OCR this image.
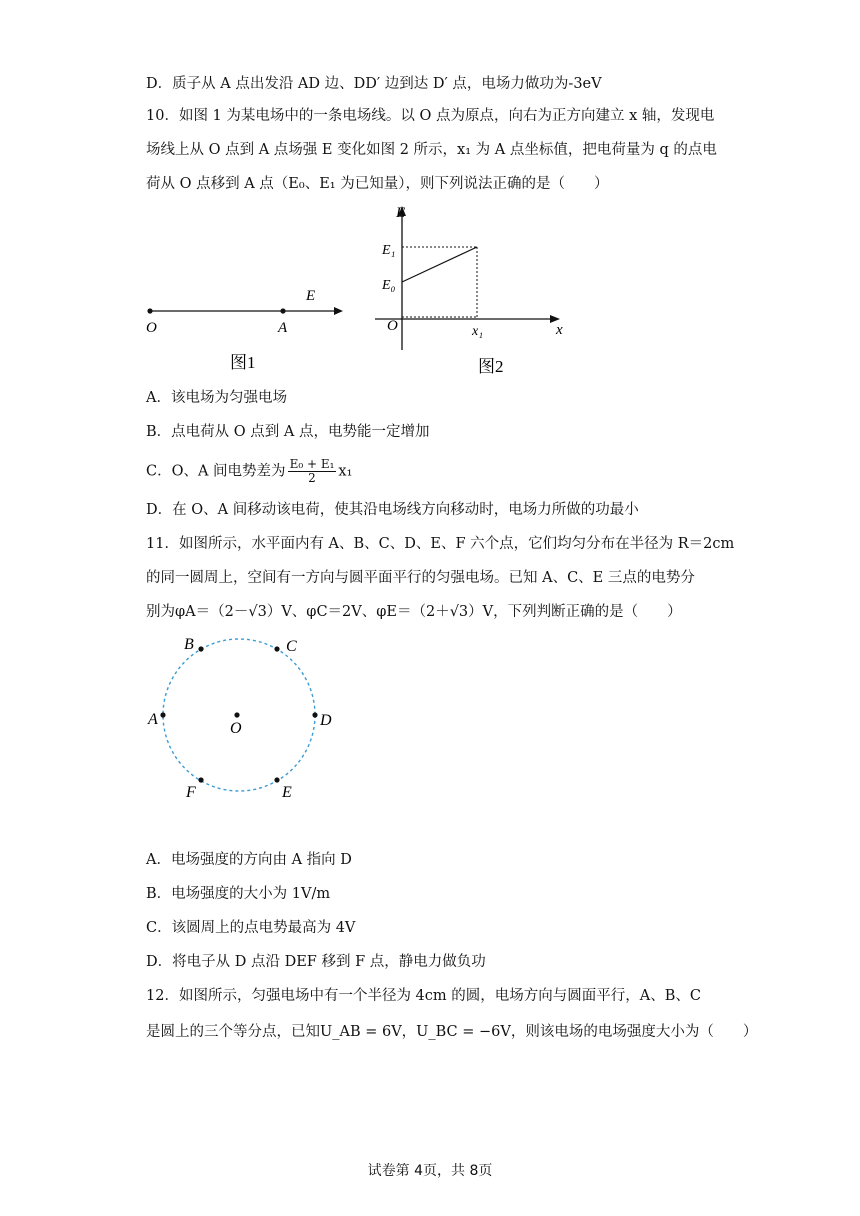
D．质子从 A 点出发沿 AD 边、DD′ 边到达 D′ 点，电场力做功为-3eV
10．如图 1 为某电场中的一条电场线。以 O 点为原点，向右为正方向建立 x 轴，发现电
场线上从 O 点到 A 点场强 E 变化如图 2 所示，x₁ 为 A 点坐标值，把电荷量为 q 的点电
荷从 O 点移到 A 点（E₀、E₁ 为已知量），则下列说法正确的是（　　）
O	A
E
图1
E
x
O
E₁
E₀
x₁
图2
A．该电场为匀强电场
B．点电荷从 O 点到 A 点，电势能一定增加
C．O、A 间电势差为 $\frac{\text{E₀ + E₁}}{2} x_1$
D．在 O、A 间移动该电荷，使其沿电场线方向移动时，电场力所做的功最小
11．如图所示，水平面内有 A、B、C、D、E、F 六个点，它们均匀分布在半径为 R＝2cm
的同一圆周上，空间有一方向与圆平面平行的匀强电场。已知 A、C、E 三点的电势分
别为φA＝（2－√3）V、φC＝2V、φE＝（2＋√3）V，下列判断正确的是（　　）
A
B	C
D
E
F
O
A．电场强度的方向由 A 指向 D
B．电场强度的大小为 1V/m
C．该圆周上的点电势最高为 4V
D．将电子从 D 点沿 DEF 移到 F 点，静电力做负功
12．如图所示，匀强电场中有一个半径为 4cm 的圆，电场方向与圆面平行，A、B、C
是圆上的三个等分点，已知U_AB = 6V，U_BC = −6V，则该电场的电场强度大小为（　　）
试卷第 4页，共 8页
